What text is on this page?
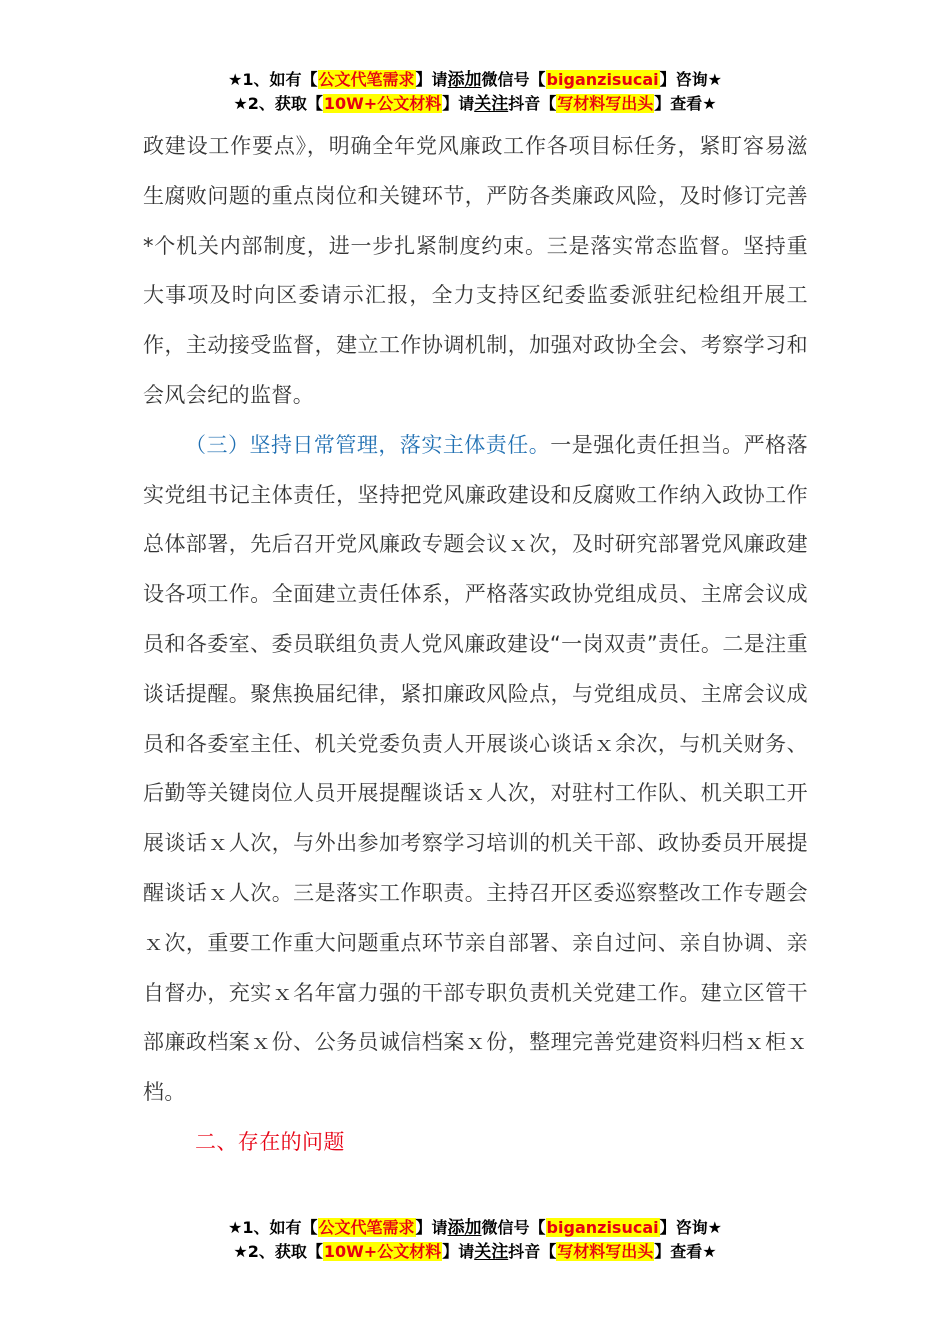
★1、如有【公文代笔需求】请添加微信号【biganzisucai】咨询★
★2、获取【10W+公文材料】请关注抖音【写材料写出头】查看★

政建设工作要点》，明确全年党风廉政工作各项目标任务，紧盯容易滋生腐败问题的重点岗位和关键环节，严防各类廉政风险，及时修订完善*个机关内部制度，进一步扎紧制度约束。三是落实常态监督。坚持重大事项及时向区委请示汇报，全力支持区纪委监委派驻纪检组开展工作，主动接受监督，建立工作协调机制，加强对政协全会、考察学习和会风会纪的监督。

（三）坚持日常管理，落实主体责任。一是强化责任担当。严格落实党组书记主体责任，坚持把党风廉政建设和反腐败工作纳入政协工作总体部署，先后召开党风廉政专题会议ｘ次，及时研究部署党风廉政建设各项工作。全面建立责任体系，严格落实政协党组成员、主席会议成员和各委室、委员联组负责人党风廉政建设“一岗双责”责任。二是注重谈话提醒。聚焦换届纪律，紧扣廉政风险点，与党组成员、主席会议成员和各委室主任、机关党委负责人开展谈心谈话ｘ余次，与机关财务、后勤等关键岗位人员开展提醒谈话ｘ人次，对驻村工作队、机关职工开展谈话ｘ人次，与外出参加考察学习培训的机关干部、政协委员开展提醒谈话ｘ人次。三是落实工作职责。主持召开区委巡察整改工作专题会ｘ次，重要工作重大问题重点环节亲自部署、亲自过问、亲自协调、亲自督办，充实ｘ名年富力强的干部专职负责机关党建工作。建立区管干部廉政档案ｘ份、公务员诚信档案ｘ份，整理完善党建资料归档ｘ柜ｘ档。

二、存在的问题

★1、如有【公文代笔需求】请添加微信号【biganzisucai】咨询★
★2、获取【10W+公文材料】请关注抖音【写材料写出头】查看★
